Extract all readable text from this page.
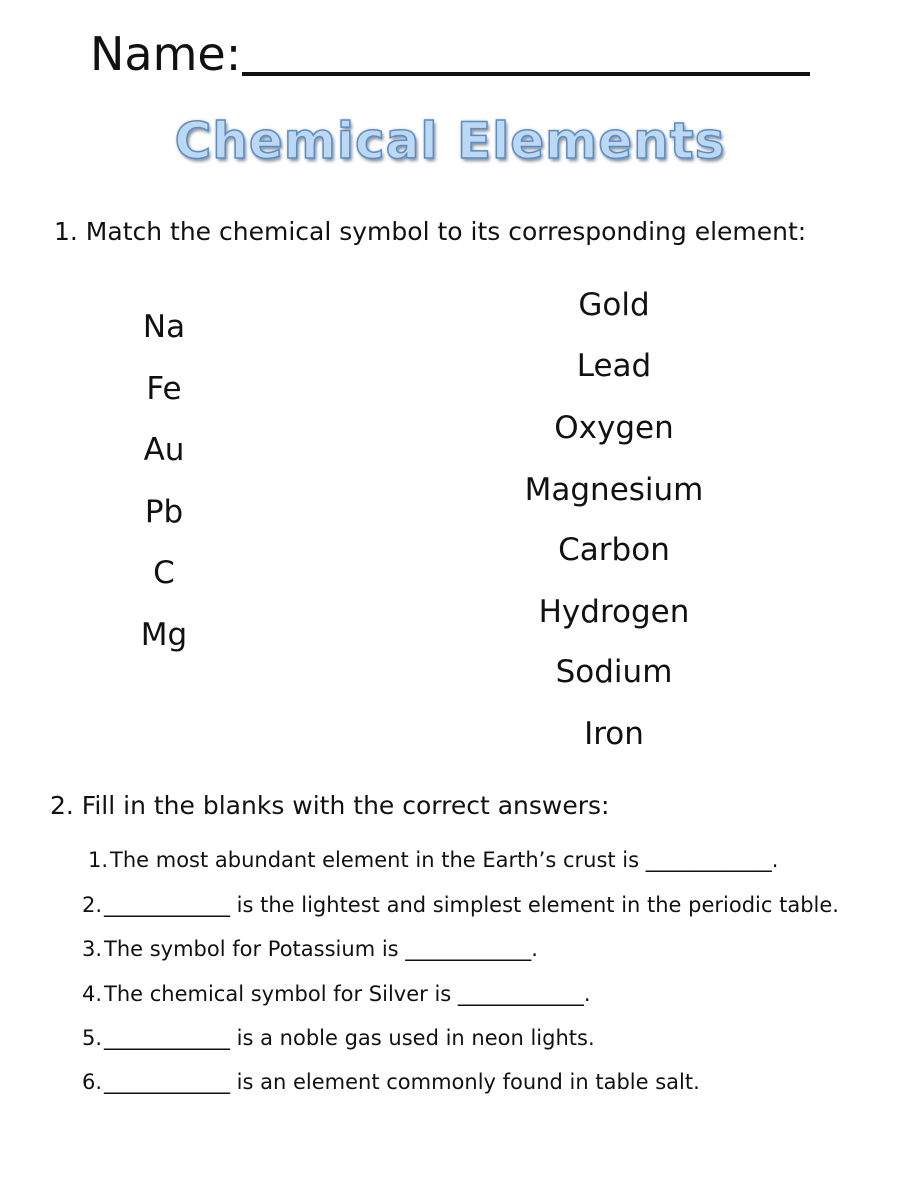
Name:
Chemical Elements
1. Match the chemical symbol to its corresponding element:
Na
Fe
Au
Pb
C
Mg
Gold
Lead
Oxygen
Magnesium
Carbon
Hydrogen
Sodium
Iron
2. Fill in the blanks with the correct answers:
1.The most abundant element in the Earth’s crust is ____________.
2.____________ is the lightest and simplest element in the periodic table.
3.The symbol for Potassium is ____________.
4.The chemical symbol for Silver is ____________.
5.____________ is a noble gas used in neon lights.
6.____________ is an element commonly found in table salt.
